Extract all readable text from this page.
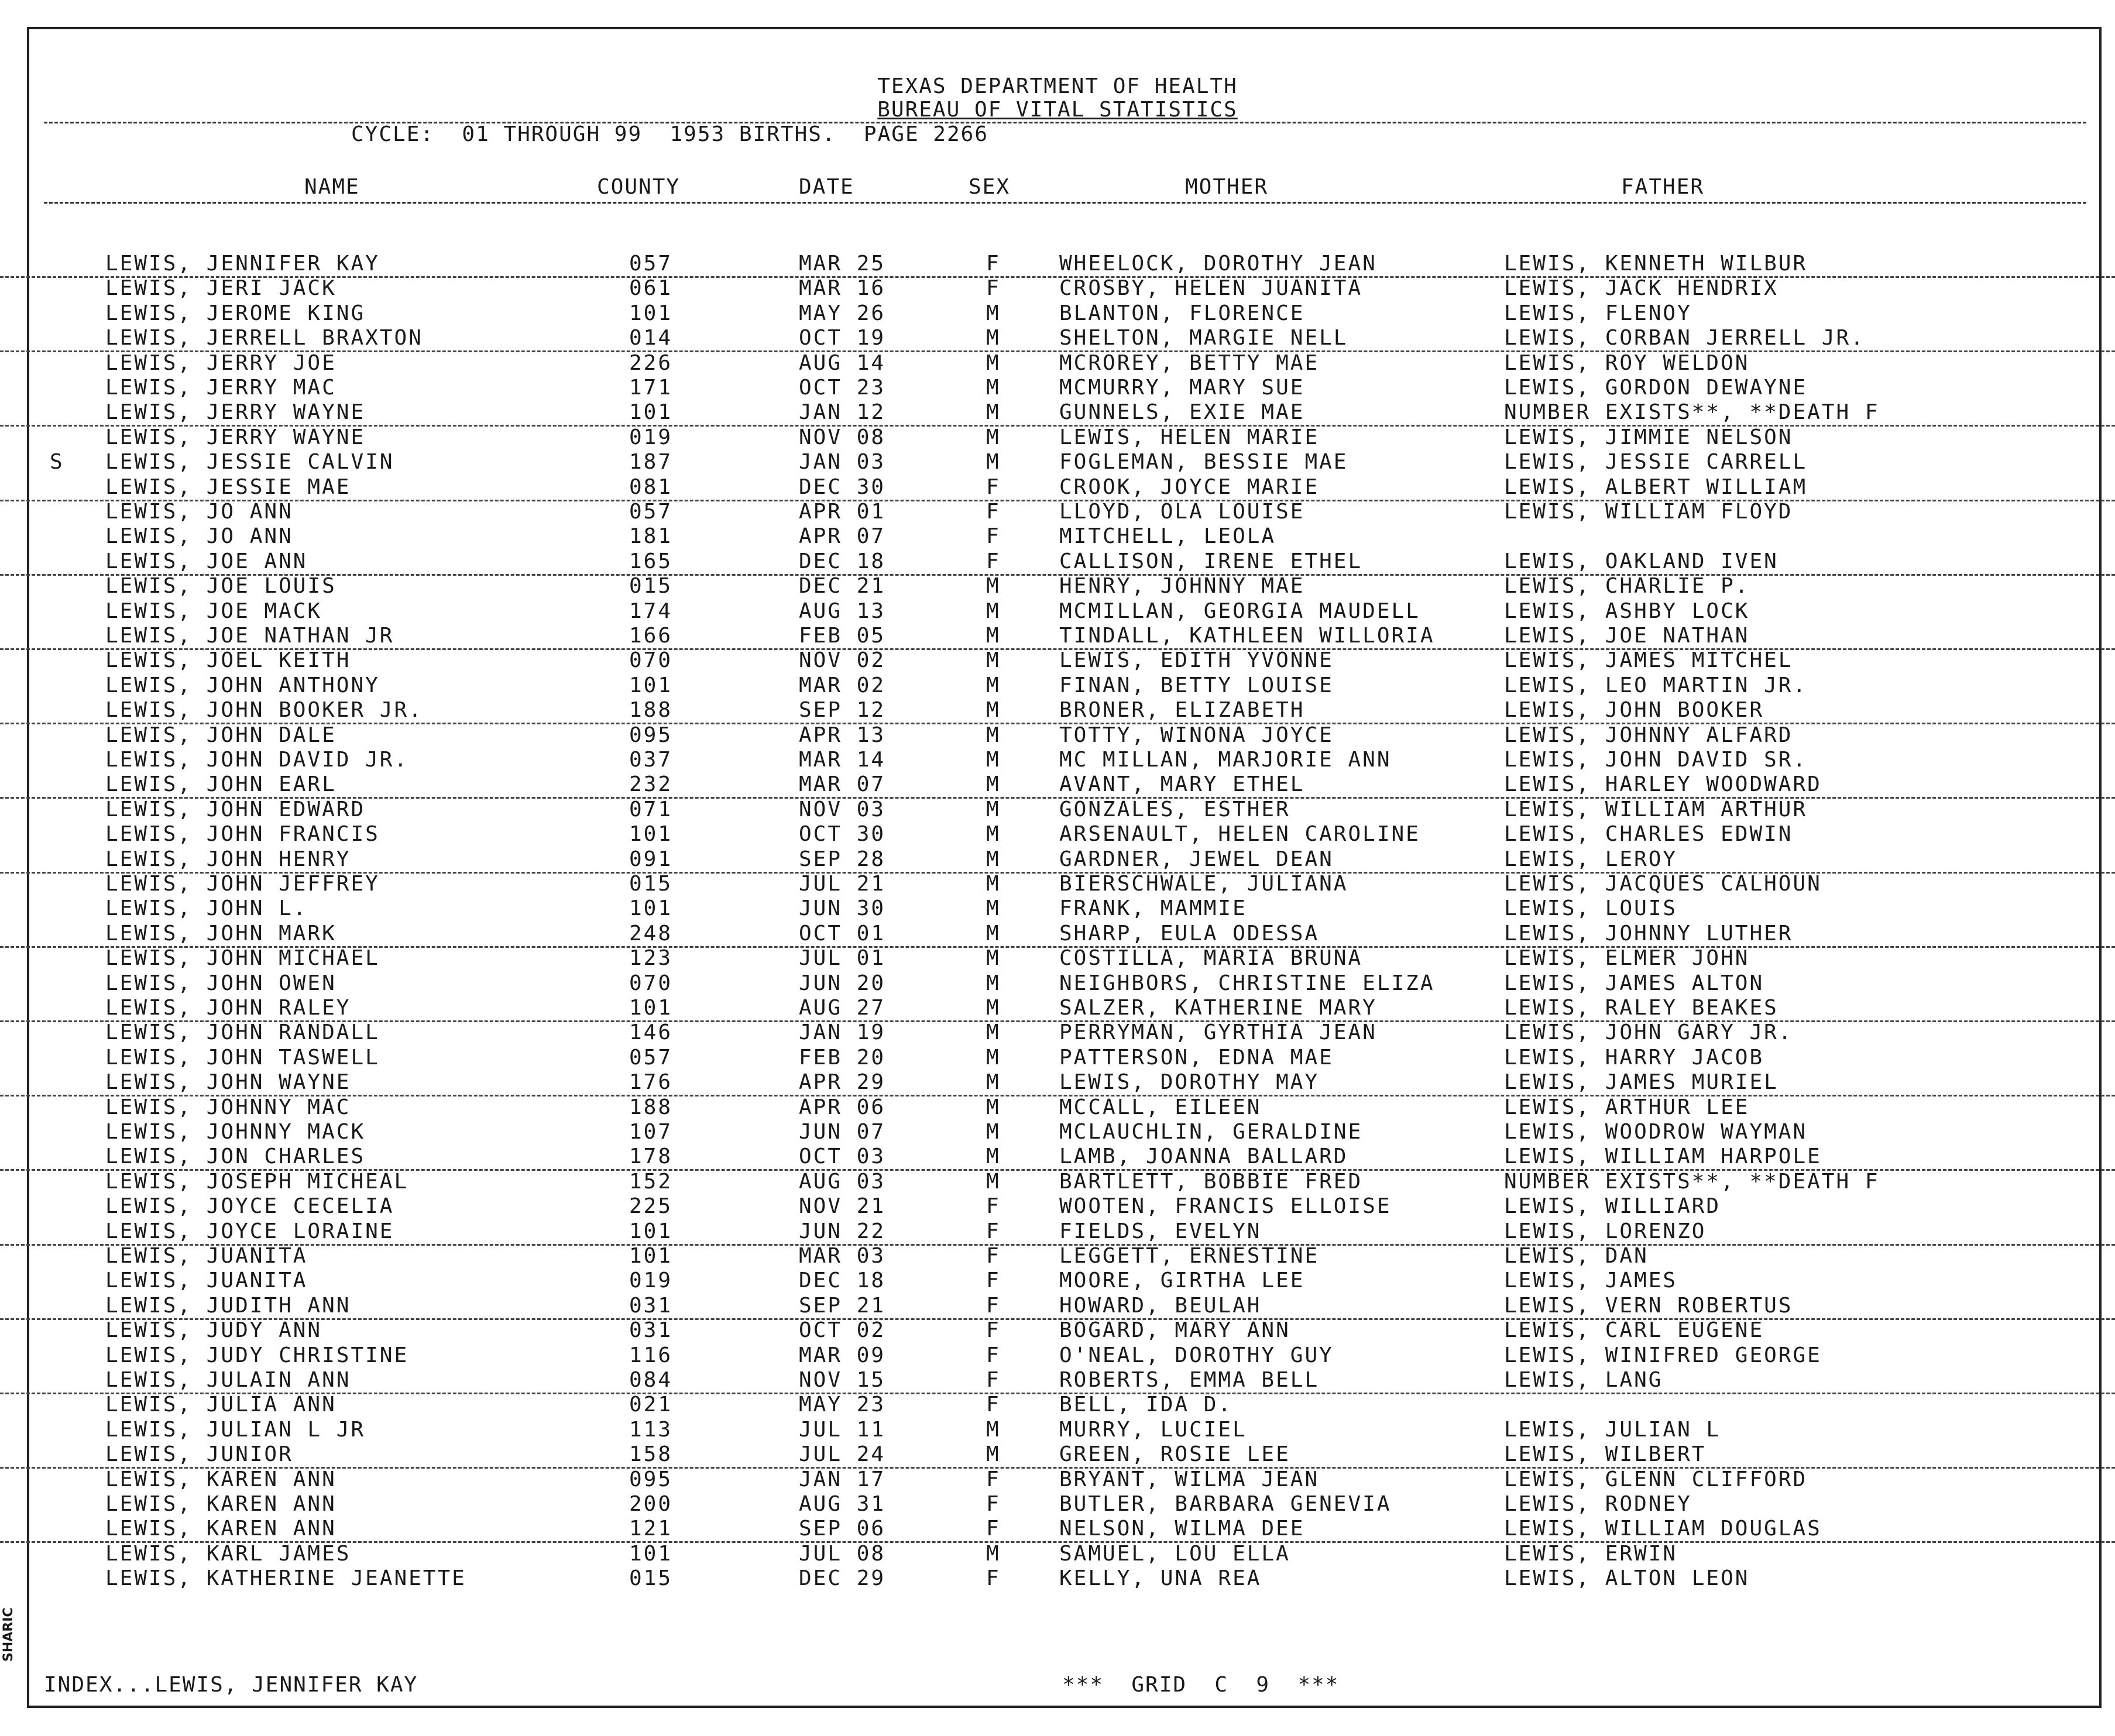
TEXAS DEPARTMENT OF HEALTH
BUREAU OF VITAL STATISTICS
CYCLE:  01 THROUGH 99  1953 BIRTHS.  PAGE 2266
NAME	COUNTY	DATE	SEX	MOTHER	FATHER
LEWIS, JENNIFER KAY	057	MAR 25	F	WHEELOCK, DOROTHY JEAN	LEWIS, KENNETH WILBUR
LEWIS, JERI JACK	061	MAR 16	F	CROSBY, HELEN JUANITA	LEWIS, JACK HENDRIX
LEWIS, JEROME KING	101	MAY 26	M	BLANTON, FLORENCE	LEWIS, FLENOY
LEWIS, JERRELL BRAXTON	014	OCT 19	M	SHELTON, MARGIE NELL	LEWIS, CORBAN JERRELL JR.
LEWIS, JERRY JOE	226	AUG 14	M	MCROREY, BETTY MAE	LEWIS, ROY WELDON
LEWIS, JERRY MAC	171	OCT 23	M	MCMURRY, MARY SUE	LEWIS, GORDON DEWAYNE
LEWIS, JERRY WAYNE	101	JAN 12	M	GUNNELS, EXIE MAE	NUMBER EXISTS**, **DEATH F
LEWIS, JERRY WAYNE	019	NOV 08	M	LEWIS, HELEN MARIE	LEWIS, JIMMIE NELSON
S LEWIS, JESSIE CALVIN	187	JAN 03	M	FOGLEMAN, BESSIE MAE	LEWIS, JESSIE CARRELL
LEWIS, JESSIE MAE	081	DEC 30	F	CROOK, JOYCE MARIE	LEWIS, ALBERT WILLIAM
LEWIS, JO ANN	057	APR 01	F	LLOYD, OLA LOUISE	LEWIS, WILLIAM FLOYD
LEWIS, JO ANN	181	APR 07	F	MITCHELL, LEOLA
LEWIS, JOE ANN	165	DEC 18	F	CALLISON, IRENE ETHEL	LEWIS, OAKLAND IVEN
LEWIS, JOE LOUIS	015	DEC 21	M	HENRY, JOHNNY MAE	LEWIS, CHARLIE P.
LEWIS, JOE MACK	174	AUG 13	M	MCMILLAN, GEORGIA MAUDELL	LEWIS, ASHBY LOCK
LEWIS, JOE NATHAN JR	166	FEB 05	M	TINDALL, KATHLEEN WILLORIA	LEWIS, JOE NATHAN
LEWIS, JOEL KEITH	070	NOV 02	M	LEWIS, EDITH YVONNE	LEWIS, JAMES MITCHEL
LEWIS, JOHN ANTHONY	101	MAR 02	M	FINAN, BETTY LOUISE	LEWIS, LEO MARTIN JR.
LEWIS, JOHN BOOKER JR.	188	SEP 12	M	BRONER, ELIZABETH	LEWIS, JOHN BOOKER
LEWIS, JOHN DALE	095	APR 13	M	TOTTY, WINONA JOYCE	LEWIS, JOHNNY ALFARD
LEWIS, JOHN DAVID JR.	037	MAR 14	M	MC MILLAN, MARJORIE ANN	LEWIS, JOHN DAVID SR.
LEWIS, JOHN EARL	232	MAR 07	M	AVANT, MARY ETHEL	LEWIS, HARLEY WOODWARD
LEWIS, JOHN EDWARD	071	NOV 03	M	GONZALES, ESTHER	LEWIS, WILLIAM ARTHUR
LEWIS, JOHN FRANCIS	101	OCT 30	M	ARSENAULT, HELEN CAROLINE	LEWIS, CHARLES EDWIN
LEWIS, JOHN HENRY	091	SEP 28	M	GARDNER, JEWEL DEAN	LEWIS, LEROY
LEWIS, JOHN JEFFREY	015	JUL 21	M	BIERSCHWALE, JULIANA	LEWIS, JACQUES CALHOUN
LEWIS, JOHN L.	101	JUN 30	M	FRANK, MAMMIE	LEWIS, LOUIS
LEWIS, JOHN MARK	248	OCT 01	M	SHARP, EULA ODESSA	LEWIS, JOHNNY LUTHER
LEWIS, JOHN MICHAEL	123	JUL 01	M	COSTILLA, MARIA BRUNA	LEWIS, ELMER JOHN
LEWIS, JOHN OWEN	070	JUN 20	M	NEIGHBORS, CHRISTINE ELIZA	LEWIS, JAMES ALTON
LEWIS, JOHN RALEY	101	AUG 27	M	SALZER, KATHERINE MARY	LEWIS, RALEY BEAKES
LEWIS, JOHN RANDALL	146	JAN 19	M	PERRYMAN, GYRTHIA JEAN	LEWIS, JOHN GARY JR.
LEWIS, JOHN TASWELL	057	FEB 20	M	PATTERSON, EDNA MAE	LEWIS, HARRY JACOB
LEWIS, JOHN WAYNE	176	APR 29	M	LEWIS, DOROTHY MAY	LEWIS, JAMES MURIEL
LEWIS, JOHNNY MAC	188	APR 06	M	MCCALL, EILEEN	LEWIS, ARTHUR LEE
LEWIS, JOHNNY MACK	107	JUN 07	M	MCLAUCHLIN, GERALDINE	LEWIS, WOODROW WAYMAN
LEWIS, JON CHARLES	178	OCT 03	M	LAMB, JOANNA BALLARD	LEWIS, WILLIAM HARPOLE
LEWIS, JOSEPH MICHEAL	152	AUG 03	M	BARTLETT, BOBBIE FRED	NUMBER EXISTS**, **DEATH F
LEWIS, JOYCE CECELIA	225	NOV 21	F	WOOTEN, FRANCIS ELLOISE	LEWIS, WILLIARD
LEWIS, JOYCE LORAINE	101	JUN 22	F	FIELDS, EVELYN	LEWIS, LORENZO
LEWIS, JUANITA	101	MAR 03	F	LEGGETT, ERNESTINE	LEWIS, DAN
LEWIS, JUANITA	019	DEC 18	F	MOORE, GIRTHA LEE	LEWIS, JAMES
LEWIS, JUDITH ANN	031	SEP 21	F	HOWARD, BEULAH	LEWIS, VERN ROBERTUS
LEWIS, JUDY ANN	031	OCT 02	F	BOGARD, MARY ANN	LEWIS, CARL EUGENE
LEWIS, JUDY CHRISTINE	116	MAR 09	F	O'NEAL, DOROTHY GUY	LEWIS, WINIFRED GEORGE
LEWIS, JULAIN ANN	084	NOV 15	F	ROBERTS, EMMA BELL	LEWIS, LANG
LEWIS, JULIA ANN	021	MAY 23	F	BELL, IDA D.
LEWIS, JULIAN L JR	113	JUL 11	M	MURRY, LUCIEL	LEWIS, JULIAN L
LEWIS, JUNIOR	158	JUL 24	M	GREEN, ROSIE LEE	LEWIS, WILBERT
LEWIS, KAREN ANN	095	JAN 17	F	BRYANT, WILMA JEAN	LEWIS, GLENN CLIFFORD
LEWIS, KAREN ANN	200	AUG 31	F	BUTLER, BARBARA GENEVIA	LEWIS, RODNEY
LEWIS, KAREN ANN	121	SEP 06	F	NELSON, WILMA DEE	LEWIS, WILLIAM DOUGLAS
LEWIS, KARL JAMES	101	JUL 08	M	SAMUEL, LOU ELLA	LEWIS, ERWIN
LEWIS, KATHERINE JEANETTE	015	DEC 29	F	KELLY, UNA REA	LEWIS, ALTON LEON
INDEX...LEWIS, JENNIFER KAY	***  GRID  C  9  ***
SHARIC
